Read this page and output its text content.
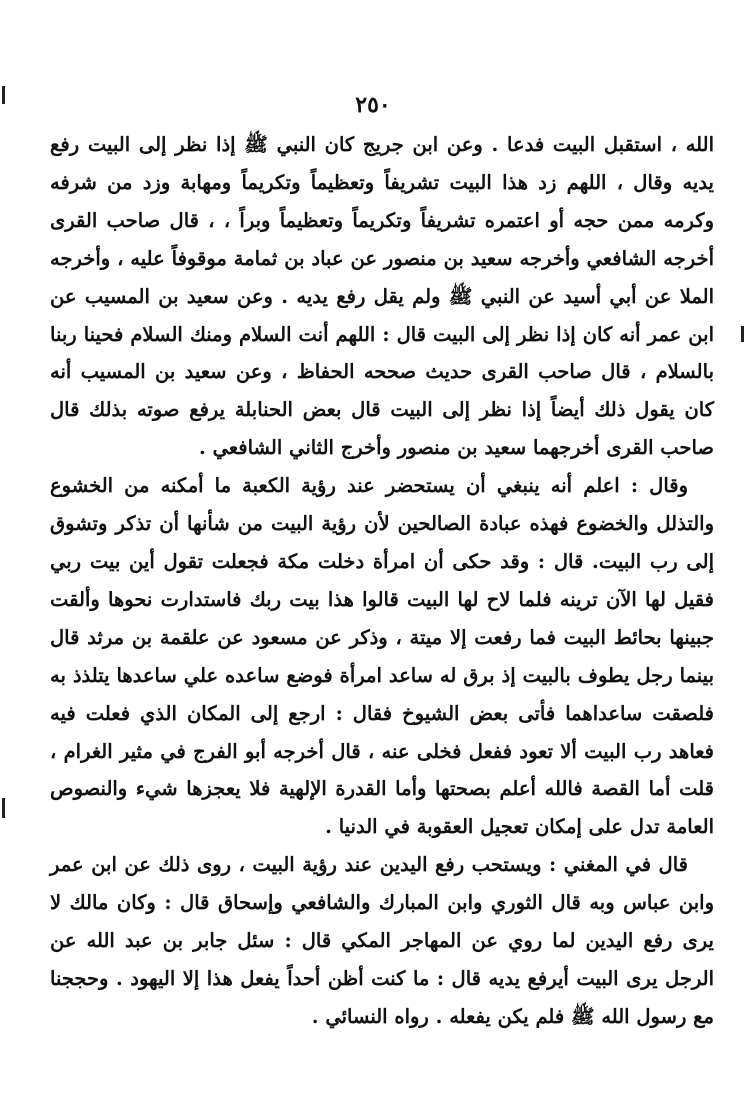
٢٥٠

الله ، استقبل البيت فدعا . وعن ابن جريج كان النبي ﷺ إذا نظر إلى البيت رفع يديه وقال ، اللهم زد هذا البيت تشريفاً وتعظيماً وتكريماً ومهابة وزد من شرفه وكرمه ممن حجه أو اعتمره تشريفاً وتكريماً وتعظيماً وبراً ، ، قال صاحب القرى أخرجه الشافعي وأخرجه سعيد بن منصور عن عباد بن ثمامة موقوفاً عليه ، وأخرجه الملا عن أبي أسيد عن النبي ﷺ ولم يقل رفع يديه . وعن سعيد بن المسيب عن ابن عمر أنه كان إذا نظر إلى البيت قال : اللهم أنت السلام ومنك السلام فحينا ربنا بالسلام ، قال صاحب القرى حديث صححه الحفاظ ، وعن سعيد بن المسيب أنه كان يقول ذلك أيضاً إذا نظر إلى البيت قال بعض الحنابلة يرفع صوته بذلك قال صاحب القرى أخرجهما سعيد بن منصور وأخرج الثاني الشافعي .

وقال : اعلم أنه ينبغي أن يستحضر عند رؤية الكعبة ما أمكنه من الخشوع والتذلل والخضوع فهذه عبادة الصالحين لأن رؤية البيت من شأنها أن تذكر وتشوق إلى رب البيت. قال : وقد حكى أن امرأة دخلت مكة فجعلت تقول أين بيت ربي فقيل لها الآن ترينه فلما لاح لها البيت قالوا هذا بيت ربك فاستدارت نحوها وألقت جبينها بحائط البيت فما رفعت إلا ميتة ، وذكر عن مسعود عن علقمة بن مرثد قال بينما رجل يطوف بالبيت إذ برق له ساعد امرأة فوضع ساعده علي ساعدها يتلذذ به فلصقت ساعداهما فأتى بعض الشيوخ فقال : ارجع إلى المكان الذي فعلت فيه فعاهد رب البيت ألا تعود ففعل فخلى عنه ، قال أخرجه أبو الفرج في مثير الغرام ، قلت أما القصة فالله أعلم بصحتها وأما القدرة الإلهية فلا يعجزها شيء والنصوص العامة تدل على إمكان تعجيل العقوبة في الدنيا .

قال في المغني : ويستحب رفع اليدين عند رؤية البيت ، روى ذلك عن ابن عمر وابن عباس وبه قال الثوري وابن المبارك والشافعي وإسحاق قال : وكان مالك لا يرى رفع اليدين لما روي عن المهاجر المكي قال : سئل جابر بن عبد الله عن الرجل يرى البيت أيرفع يديه قال : ما كنت أظن أحداً يفعل هذا إلا اليهود . وحججنا مع رسول الله ﷺ فلم يكن يفعله . رواه النسائي .
